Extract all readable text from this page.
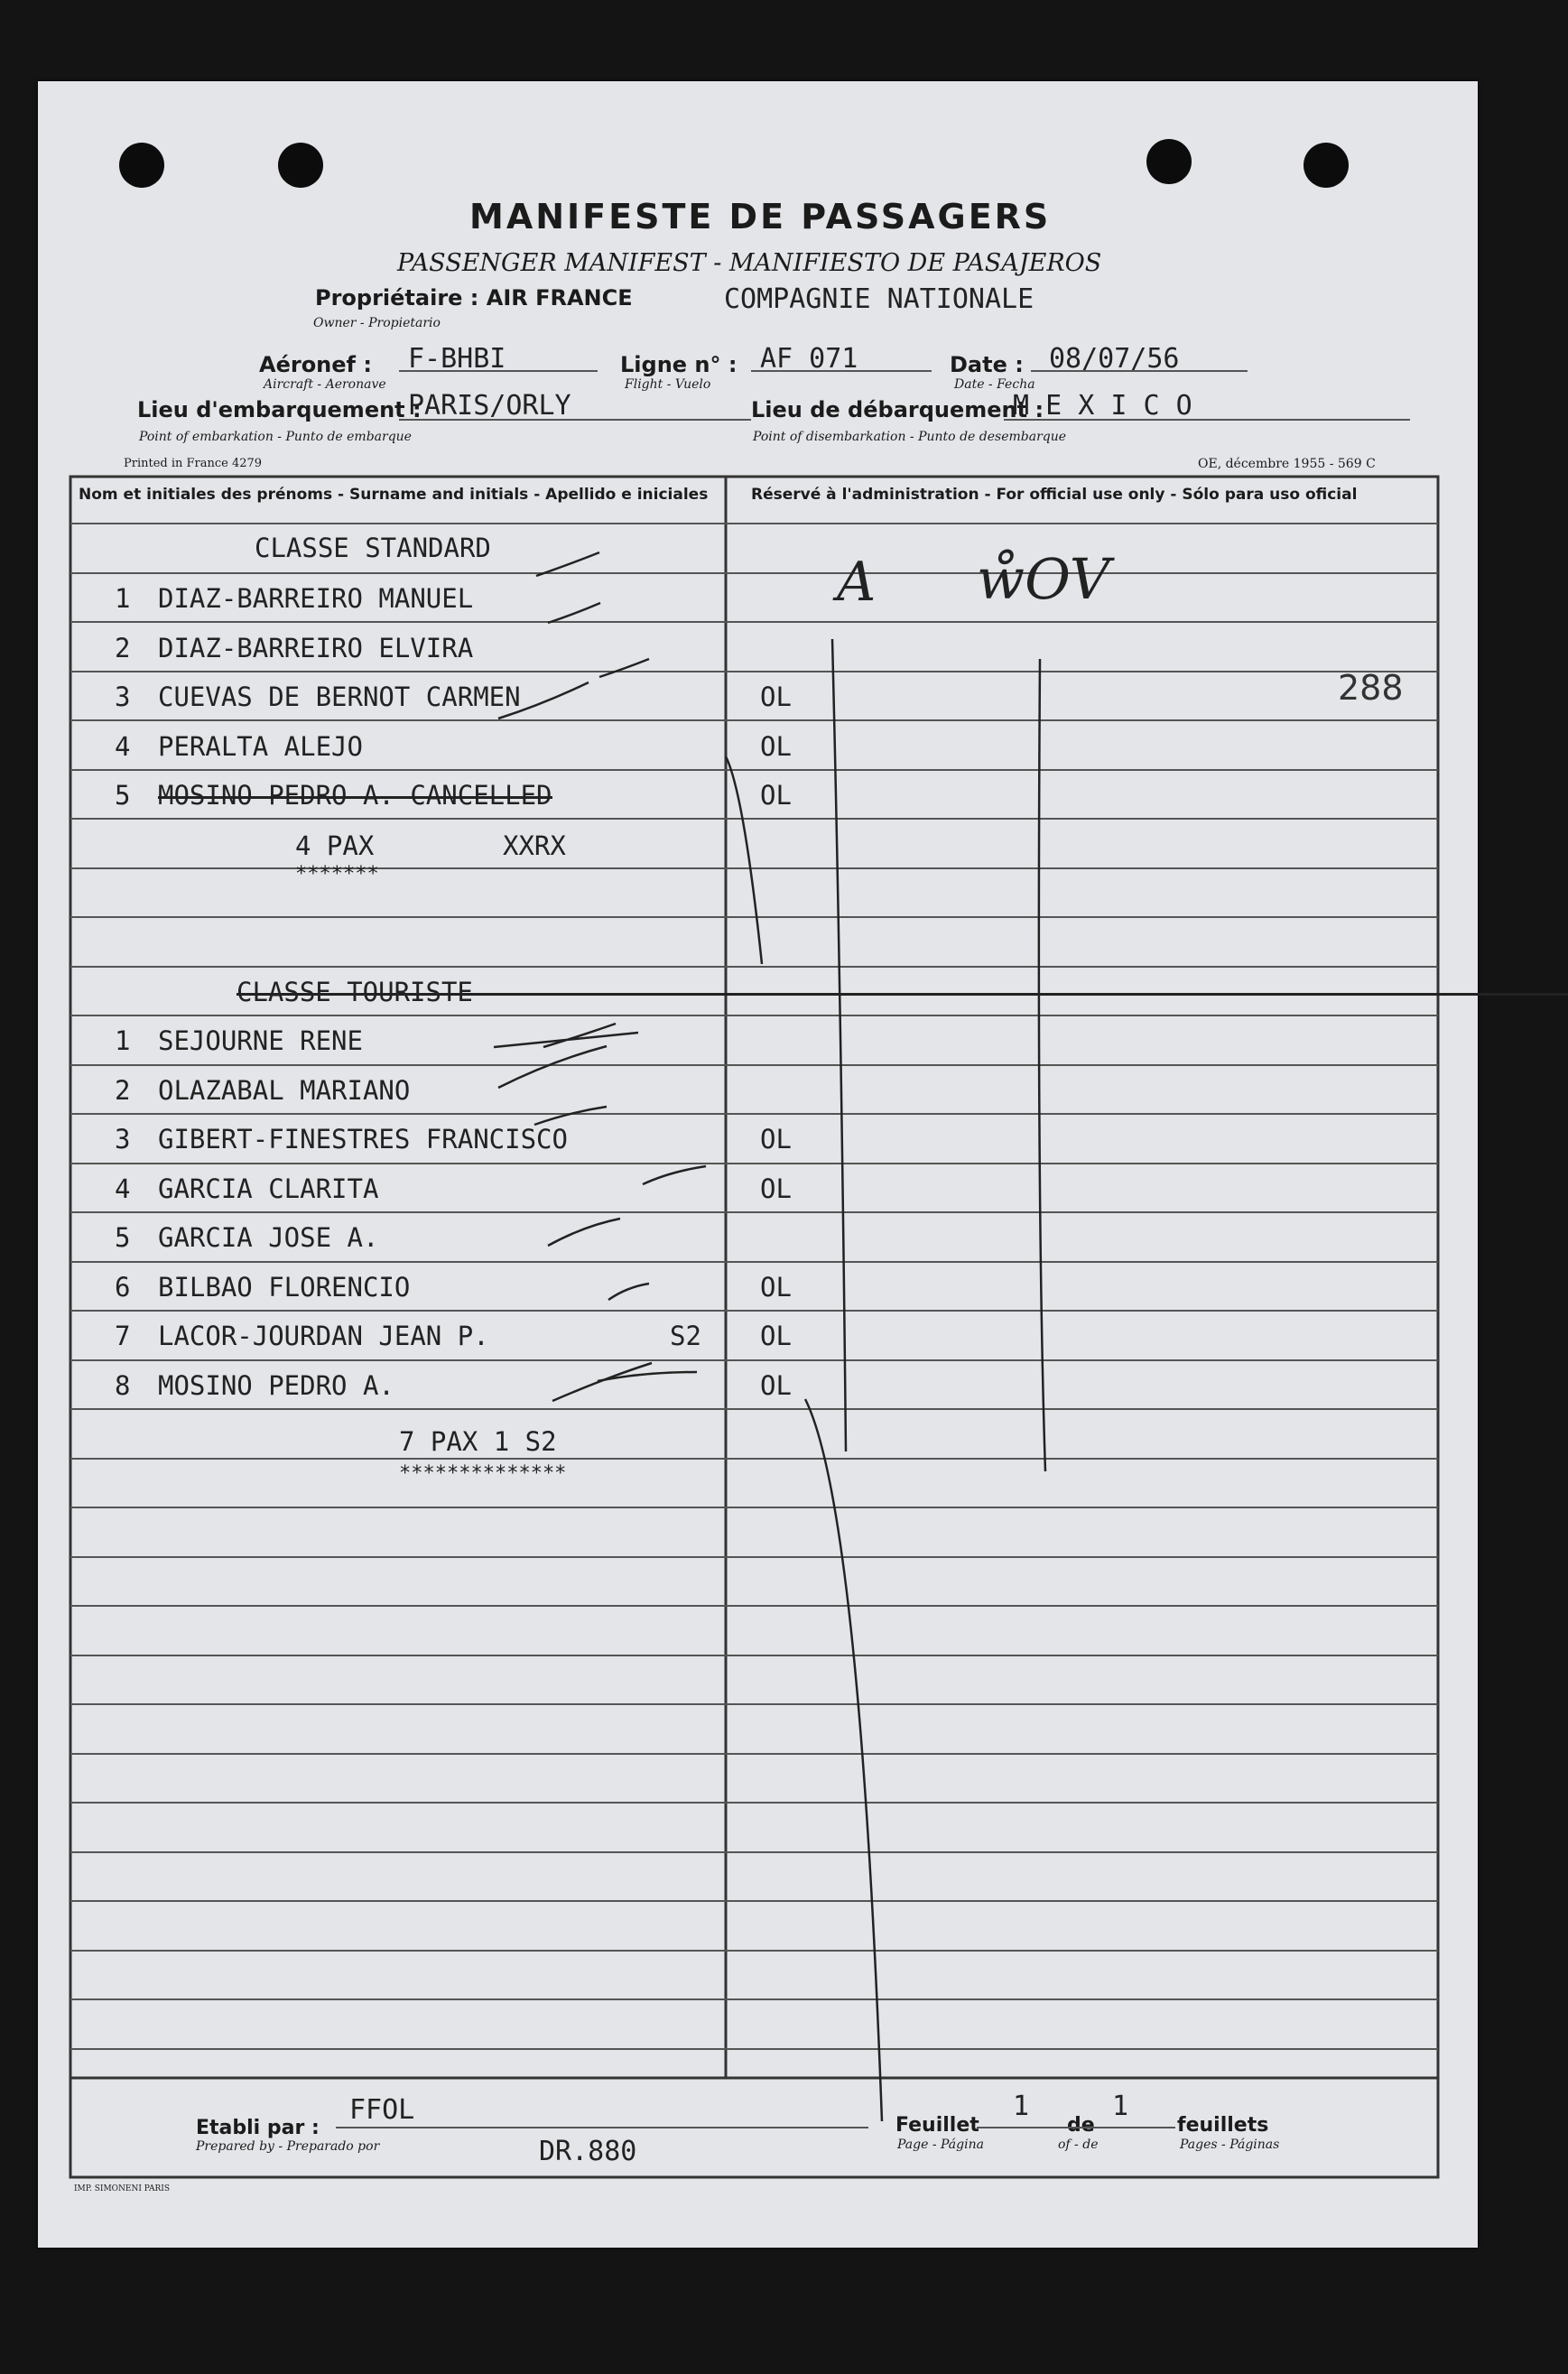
MANIFESTE DE PASSAGERS
PASSENGER MANIFEST - MANIFIESTO DE PASAJEROS
Propriétaire : AIR FRANCE	COMPAGNIE NATIONALE
Owner - Propietario
Aéronef : F-BHBI
Aircraft - Aeronave
Ligne n° : AF 071
Flight - Vuelo
Date : 08/07/56
Date - Fecha
Lieu d'embarquement :
PARIS/ORLY
Point of embarkation - Punto de embarque
Lieu de débarquement :
M E X I C O
Point of disembarkation - Punto de desembarque
Printed in France 4279	OE, décembre 1955 - 569 C
Nom et initiales des prénoms - Surname and initials - Apellido e iniciales	Réservé à l'administration - For official use only - Sólo para uso oficial
A ẘOV
288
CLASSE STANDARD
1 DIAZ-BARREIRO MANUEL
2 DIAZ-BARREIRO ELVIRA
3 CUEVAS DE BERNOT CARMEN	OL
4 PERALTA ALEJO	OL
5 MOSINO PEDRO A. CANCELLED	OL
4 PAX	XXRX
*******
CLASSE TOURISTE
1 SEJOURNE RENE
2 OLAZABAL MARIANO
3 GIBERT-FINESTRES FRANCISCO	OL
4 GARCIA CLARITA	OL
5 GARCIA JOSE A.
6 BILBAO FLORENCIO	OL
7 LACOR-JOURDAN JEAN P.	S2 OL
8 MOSINO PEDRO A.	OL
7 PAX 1 S2
**************
Etabli par :
FFOL
Prepared by - Preparado por	DR.880
Feuillet
1
de
1
feuillets
Page - Página	of - de	Pages - Páginas
IMP. SIMONENI PARIS
